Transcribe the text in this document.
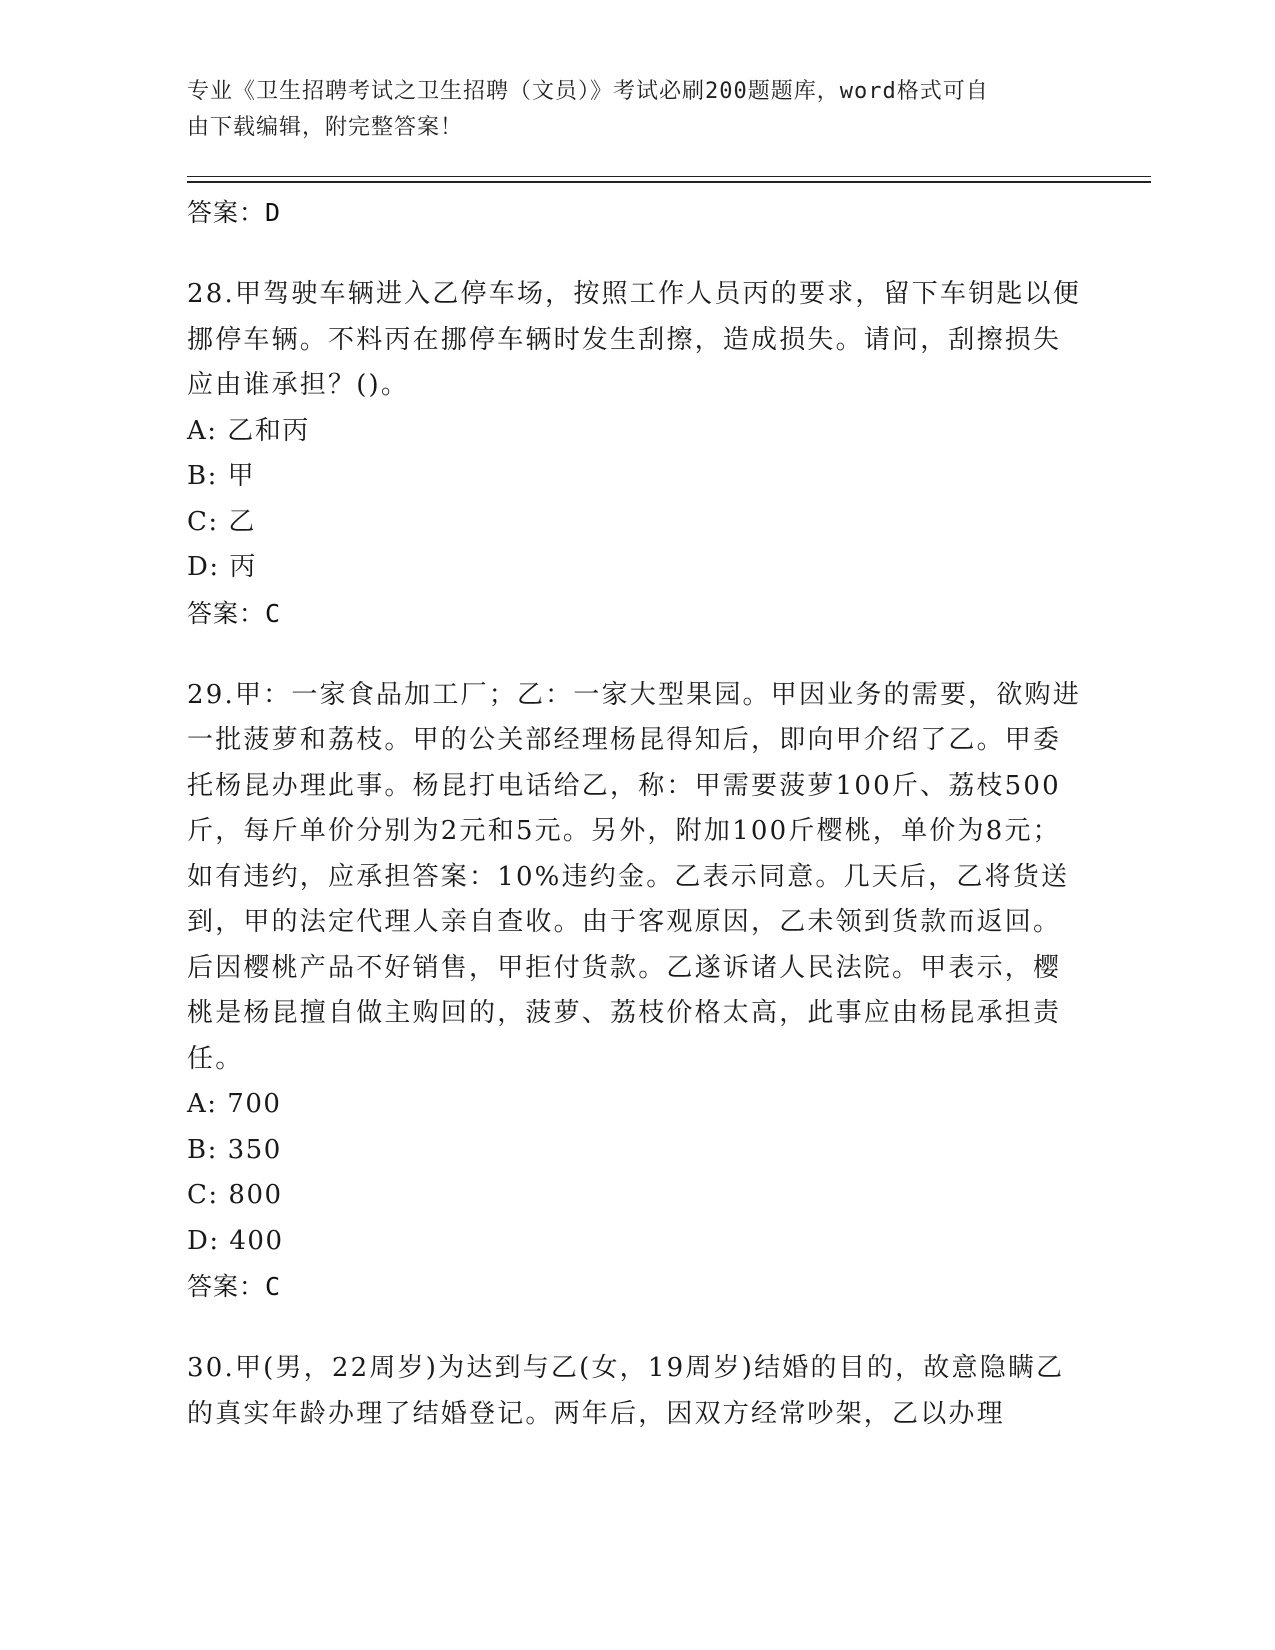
专业《卫生招聘考试之卫生招聘（文员）》考试必刷200题题库，word格式可自
由下载编辑，附完整答案！
答案：D
28.甲驾驶车辆进入乙停车场，按照工作人员丙的要求，留下车钥匙以便挪停车辆。不料丙在挪停车辆时发生刮擦，造成损失。请问，刮擦损失应由谁承担？()。
A: 乙和丙
B: 甲
C: 乙
D: 丙
答案：C
29.甲：一家食品加工厂；乙：一家大型果园。甲因业务的需要，欲购进一批菠萝和荔枝。甲的公关部经理杨昆得知后，即向甲介绍了乙。甲委托杨昆办理此事。杨昆打电话给乙，称：甲需要菠萝100斤、荔枝500斤，每斤单价分别为2元和5元。另外，附加100斤樱桃，单价为8元；如有违约，应承担答案：10%违约金。乙表示同意。几天后，乙将货送到，甲的法定代理人亲自查收。由于客观原因，乙未领到货款而返回。后因樱桃产品不好销售，甲拒付货款。乙遂诉诸人民法院。甲表示，樱桃是杨昆擅自做主购回的，菠萝、荔枝价格太高，此事应由杨昆承担责任。
A: 700
B: 350
C: 800
D: 400
答案：C
30.甲(男，22周岁)为达到与乙(女，19周岁)结婚的目的，故意隐瞒乙的真实年龄办理了结婚登记。两年后，因双方经常吵架，乙以办理
